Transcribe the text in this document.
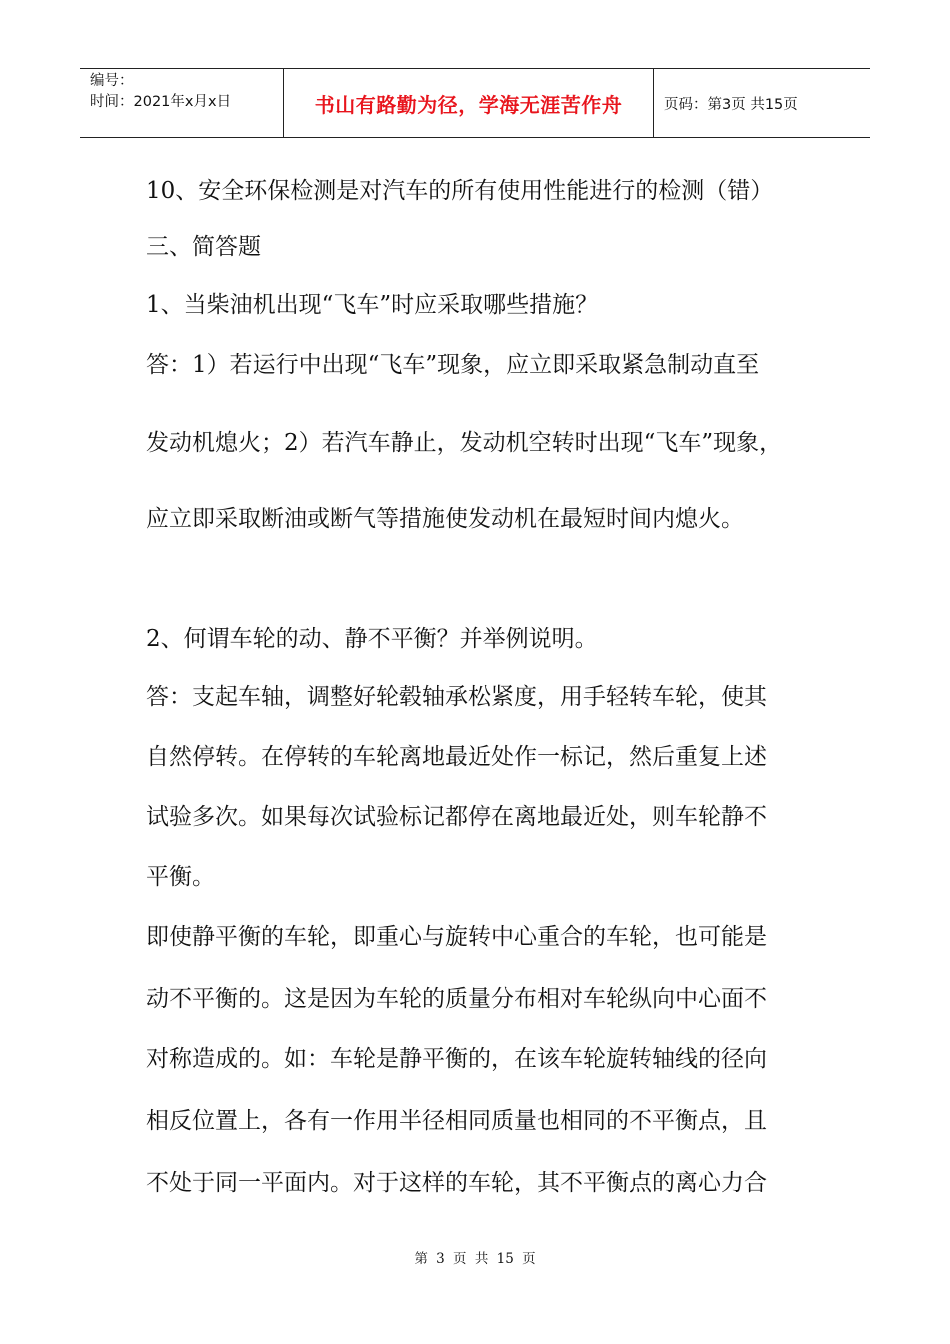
编号：
时间：2021年x月x日	书山有路勤为径，学海无涯苦作舟	页码：第3页 共15页
10、安全环保检测是对汽车的所有使用性能进行的检测（错）
三、简答题
1、当柴油机出现“飞车”时应采取哪些措施？
答：1）若运行中出现“飞车”现象，应立即采取紧急制动直至
发动机熄火；2）若汽车静止，发动机空转时出现“飞车”现象，
应立即采取断油或断气等措施使发动机在最短时间内熄火。
2、何谓车轮的动、静不平衡？并举例说明。
答：支起车轴，调整好轮毂轴承松紧度，用手轻转车轮，使其
自然停转。在停转的车轮离地最近处作一标记，然后重复上述
试验多次。如果每次试验标记都停在离地最近处，则车轮静不
平衡。
即使静平衡的车轮，即重心与旋转中心重合的车轮，也可能是
动不平衡的。这是因为车轮的质量分布相对车轮纵向中心面不
对称造成的。如：车轮是静平衡的，在该车轮旋转轴线的径向
相反位置上，各有一作用半径相同质量也相同的不平衡点，且
不处于同一平面内。对于这样的车轮，其不平衡点的离心力合
第 3 页 共 15 页
